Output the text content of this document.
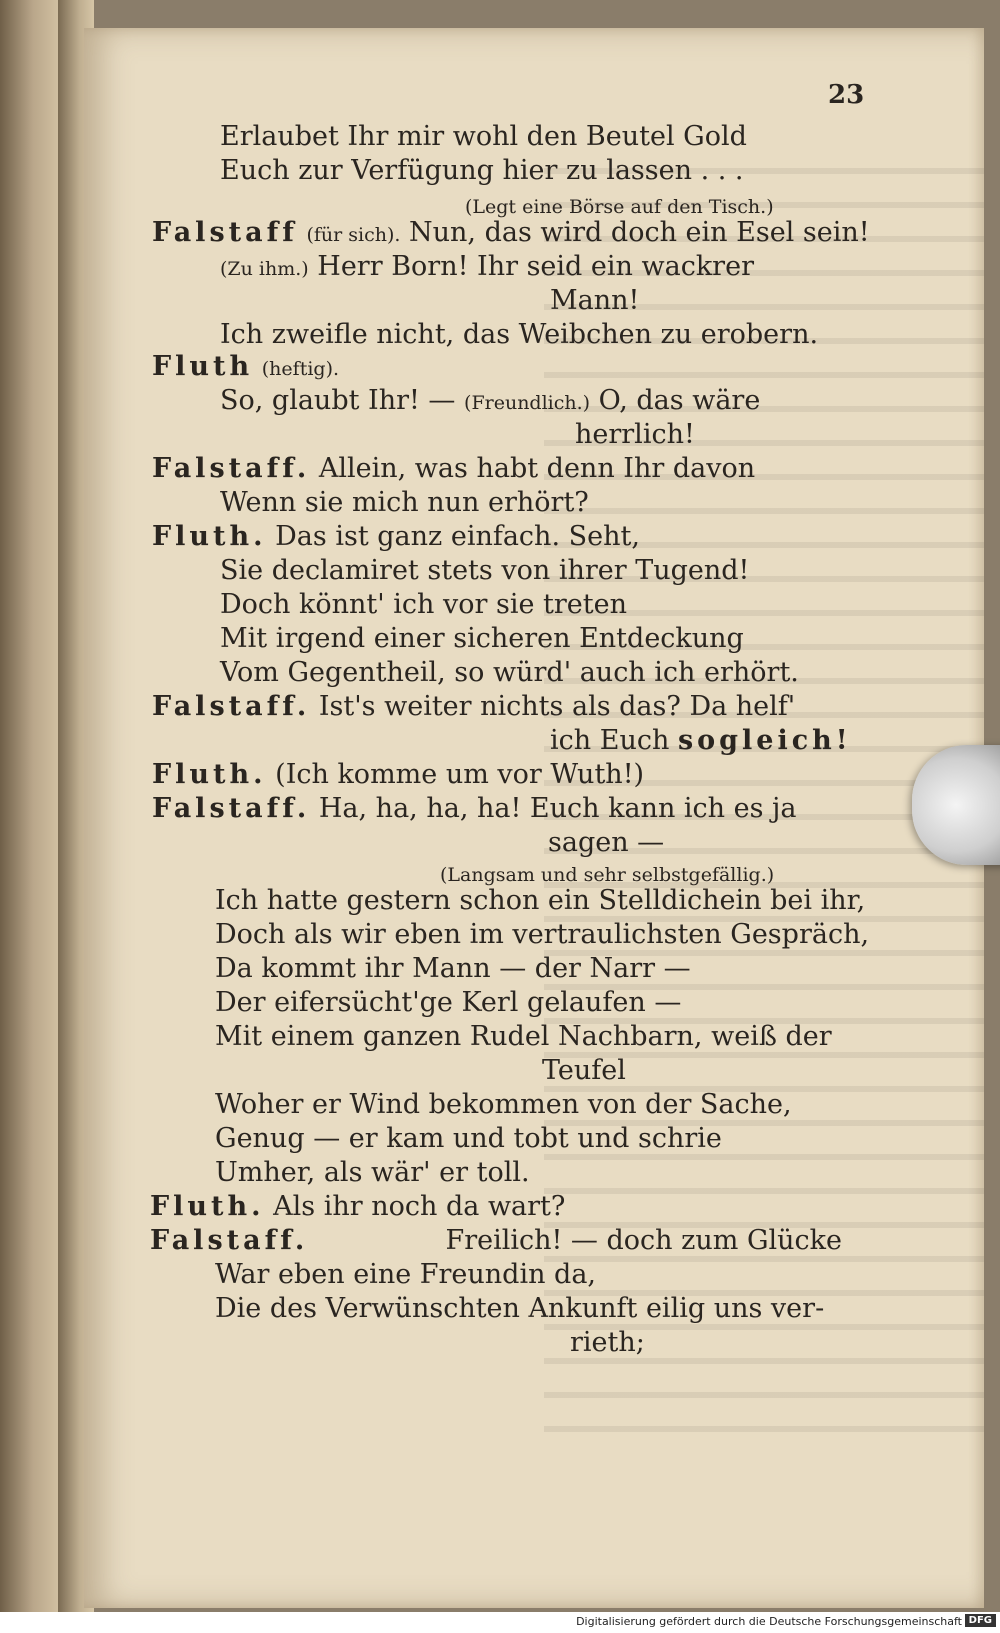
23
Erlaubet Ihr mir wohl den Beutel Gold
Euch zur Verfügung hier zu lassen . . .
(Legt eine Börse auf den Tisch.)
Falstaff (für sich). Nun, das wird doch ein Esel sein!
(Zu ihm.) Herr Born! Ihr seid ein wackrer
Mann!
Ich zweifle nicht, das Weibchen zu erobern.
Fluth (heftig).
So, glaubt Ihr! — (Freundlich.) O, das wäre
herrlich!
Falstaff. Allein, was habt denn Ihr davon
Wenn sie mich nun erhört?
Fluth. Das ist ganz einfach. Seht,
Sie declamiret stets von ihrer Tugend!
Doch könnt' ich vor sie treten
Mit irgend einer sicheren Entdeckung
Vom Gegentheil, so würd' auch ich erhört.
Falstaff. Ist's weiter nichts als das? Da helf'
ich Euch sogleich!
Fluth. (Ich komme um vor Wuth!)
Falstaff. Ha, ha, ha, ha! Euch kann ich es ja
sagen —
(Langsam und sehr selbstgefällig.)
Ich hatte gestern schon ein Stelldichein bei ihr,
Doch als wir eben im vertraulichsten Gespräch,
Da kommt ihr Mann — der Narr —
Der eifersücht'ge Kerl gelaufen —
Mit einem ganzen Rudel Nachbarn, weiß der
Teufel
Woher er Wind bekommen von der Sache,
Genug — er kam und tobt und schrie
Umher, als wär' er toll.
Fluth. Als ihr noch da wart?
Falstaff.	Freilich! — doch zum Glücke
War eben eine Freundin da,
Die des Verwünschten Ankunft eilig uns ver-
rieth;
Digitalisierung gefördert durch die Deutsche Forschungsgemeinschaft DFG
